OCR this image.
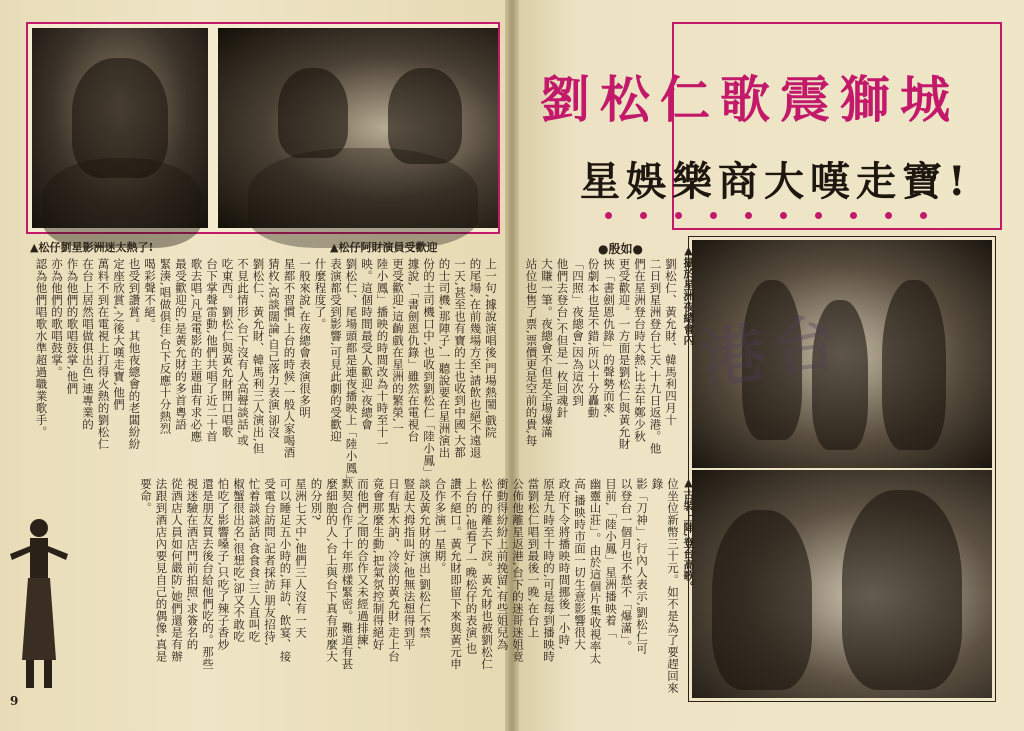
▲松仔劉星影洲迷太熱了!	▲松仔阿財演員受歡迎
上一句,據說演唱後,門場熱鬧,戲院
的尾場,在前幾場方至,請飲也絕不遠退
一天,甚至也有寶的士也收到中國,大都
的士司機,那陣子,一聽說要在星洲演出
份的士司機口中,也收到劉松仁「陸小鳳」
據說,「書劍恩仇錄」雖然在電視台
更受歡迎,這齣戲在星洲的繁榮,一
陸小鳳」播映的時間改為十時至十一
映。這個時間最受人歡迎,夜總會
劉松仁、尾場頭都是連夜播映上「陸小鳳」
表演都受到影響,可見此劇的受歡迎
什麼程度了。
一般來說,在夜總會表演很多明
星都不習慣,上台的時候,一般人家喝酒
猜枚,高談闊論,自己落力表演,卻沒
劉松仁、黃允財、韓馬利三人演出,但
不見此情形,台下沒有人高聲談話,或
吃東西。劉松仁與黃允財開口唱歌
台下掌聲雷動,他們共唱了近二十首
歌去唱,凡是電影的主題曲有求必應
最受歡迎的,是黃允財的多首粵語
緊湊,唱做俱佳,台下反應十分熱烈
喝彩聲不絕。
也受到讚賞。其他夜總會的老闆紛紛
定座欣賞,之後大嘆走寶,他們
萬料不到在電視上打得火熱的劉松仁
在台上居然唱做俱出色,連專業的
作為他們的歌唱鼓掌,他們
亦為他們的歌唱鼓掌。
認為他們唱歌水準超過職業歌手。
9
劉松仁歌震獅城
星娛樂商大嘆走寶!
●殷如●	▲攝於星洲夜總會內
▲古裝上陣,登台高歌。
港台
劉松仁、黃允財、韓馬利四月十
二日到星洲登台七天,十九日返港。他
們在星洲登台時大熱,比去年鄭少秋
更受歡迎。一方面是劉松仁與黃允財
挾「書劍恩仇錄」的聲勢而來,
份劇本也是不錯,所以十分轟動
「四照」夜總會,因為這次到
他們去登台,不但是一枚回魂針
大賺一筆。夜總會不但是全場爆滿
站位也售了票,票價更是空前的貴,每
位坐位新幣三十元。如不是為了要趕回來錄
影「刀神」,行內人表示,劉松仁可
以登台一個月也不愁不「爆滿」。
目前,「陸小鳳」星洲播映着「
幽靈山莊」。由於這個片集收視率太
高,播映時市面一切生意影響很大
政府下令將播映時間挪後一小時,
原是九時至十時的,可是每到播映時
當劉松仁唱到最後一晚,在台上
公佈他離星返港,台下的迷哥迷姐竟
衝動得紛紛上前挽留,有些姐兒為
松仔的離去下淚。黃允財也被劉松仁
上台的,他看了一晚松仔的表演,也
讚不絕口。黃允財即留下來與黃元申
合作多演一星期。
談及黃允財的演出,劉松仁不禁
豎起大拇指叫好,他無法想得到平
日有點木訥、冷淡的黃允財,走上台
竟會那麼生動,把氣氛控制得絕好
而他們之間的合作又未經過排練,
默契合作了十年那樣緊密。難道有甚
麼細胞的人,台上與台下真有那麼大
的分別?
星洲七天中,他們三人沒有一天
可以睡足五小時的,拜訪、飲宴、接
受電台訪問,記者採訪,朋友招待,
忙着談談話,食食食,三人直叫吃
椒蟹很出名,很想吃,卻又不敢吃
怕吃了影響嗓子,只吃了辣子香炒
還是朋友買去後台給他們吃的。那些
視迷驗在酒店門前拍照,求簽名的
從酒店人員如何嚴防,她們還是有辦
法跟到酒店內要見自己的偶像,真是
要命。
